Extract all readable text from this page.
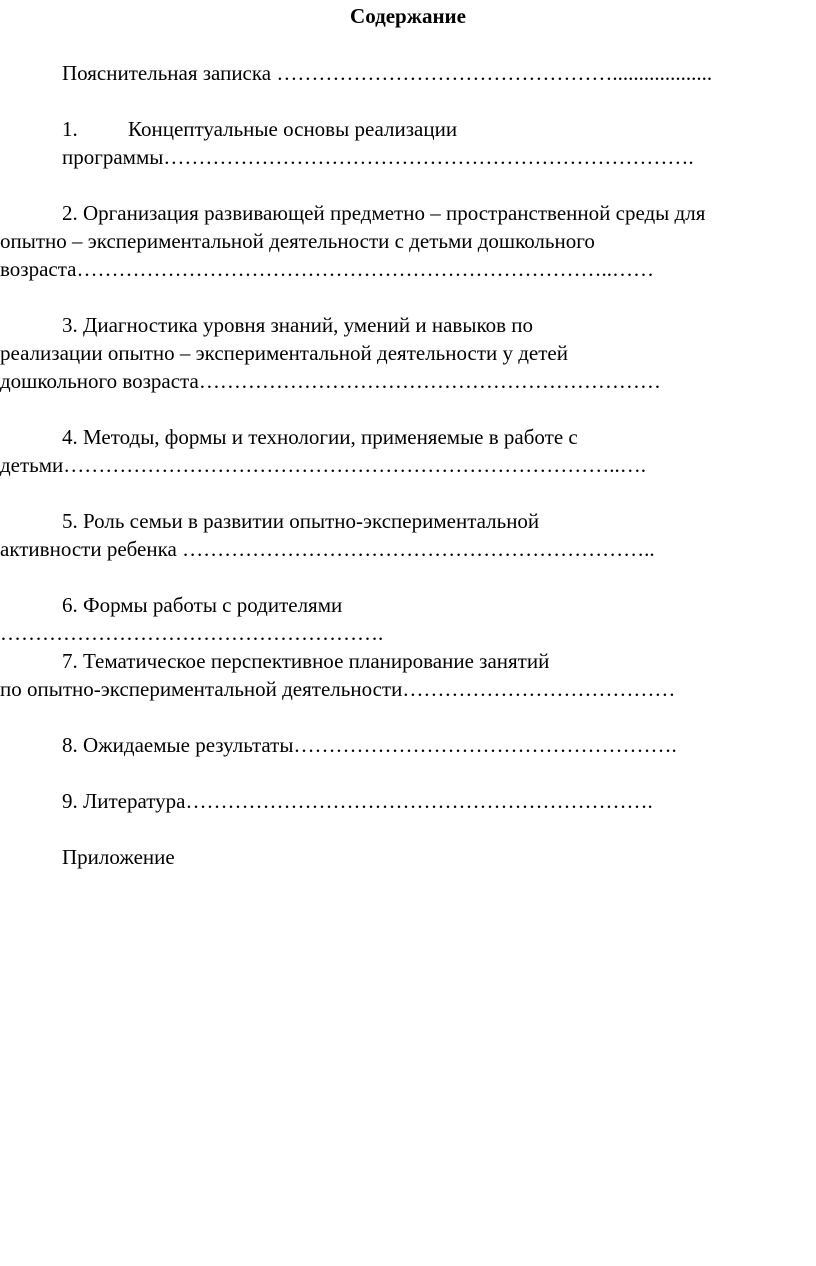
Содержание
Пояснительная записка …………………………………………...................
1. Концептуальные основы реализации
программы………………………………………………………………….
2. Организация развивающей предметно – пространственной среды для
опытно – экспериментальной деятельности с детьми дошкольного
возраста…………………………………………………………………..……
3. Диагностика уровня знаний, умений и навыков по
реализации опытно – экспериментальной деятельности у детей
дошкольного возраста…………………………………………………………
4. Методы, формы и технологии, применяемые в работе с
детьми……………………………………………………………………..….
5. Роль семьи в развитии опытно-экспериментальной
активности ребенка …………………………………………………………..
6. Формы работы с родителями
……………………………………………….
7. Тематическое перспективное планирование занятий
по опытно-экспериментальной деятельности…………………………………
8. Ожидаемые результаты……………………………………………….
9. Литература………………………………………………………….
Приложение
